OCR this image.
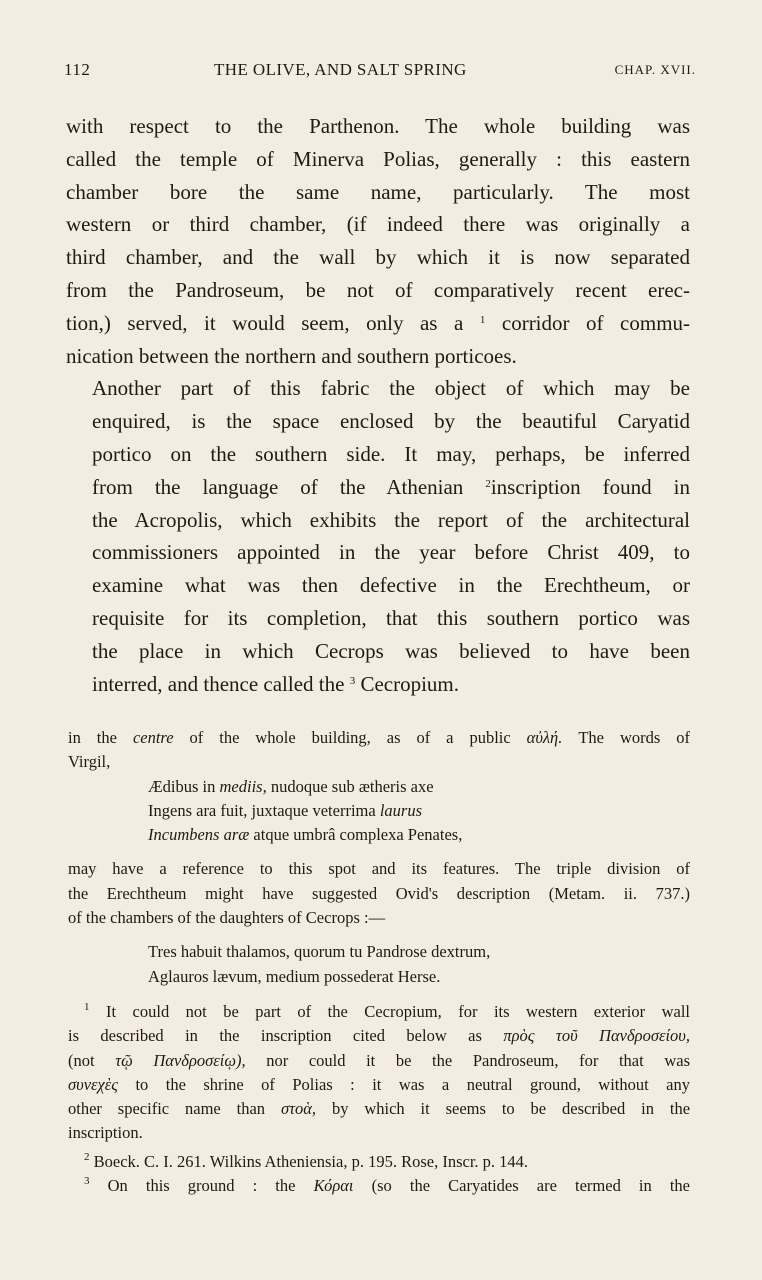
112	THE OLIVE, AND SALT SPRING	CHAP. XVII.

with respect to the Parthenon. The whole building was
called the temple of Minerva Polias, generally : this eastern
chamber bore the same name, particularly. The most
western or third chamber, (if indeed there was originally a
third chamber, and the wall by which it is now separated
from the Pandroseum, be not of comparatively recent erec-
tion,) served, it would seem, only as a $^1$ corridor of commu-
nication between the northern and southern porticoes.

Another part of this fabric the object of which may be
enquired, is the space enclosed by the beautiful Caryatid
portico on the southern side. It may, perhaps, be inferred
from the language of the Athenian $^2$inscription found in
the Acropolis, which exhibits the report of the architectural
commissioners appointed in the year before Christ 409, to
examine what was then defective in the Erechtheum, or
requisite for its completion, that this southern portico was
the place in which Cecrops was believed to have been
interred, and thence called the $^3$ Cecropium.

in the centre of the whole building, as of a public αὐλή. The words of
Virgil,
Ædibus in mediis, nudoque sub ætheris axe
Ingens ara fuit, juxtaque veterrima laurus
Incumbens aræ atque umbrâ complexa Penates,
may have a reference to this spot and its features. The triple division of
the Erechtheum might have suggested Ovid's description (Metam. ii. 737.)
of the chambers of the daughters of Cecrops :—
Tres habuit thalamos, quorum tu Pandrose dextrum,
Aglauros lævum, medium possederat Herse.
$^1$ It could not be part of the Cecropium, for its western exterior wall
is described in the inscription cited below as πρὸς τοῦ Πανδροσείου,
(not τῷ Πανδροσείῳ), nor could it be the Pandroseum, for that was
συνεχὲς to the shrine of Polias : it was a neutral ground, without any
other specific name than στοὰ, by which it seems to be described in the
inscription.
$^2$ Boeck. C. I. 261. Wilkins Atheniensia, p. 195. Rose, Inscr. p. 144.
$^3$ On this ground : the Κόραι (so the Caryatides are termed in the
